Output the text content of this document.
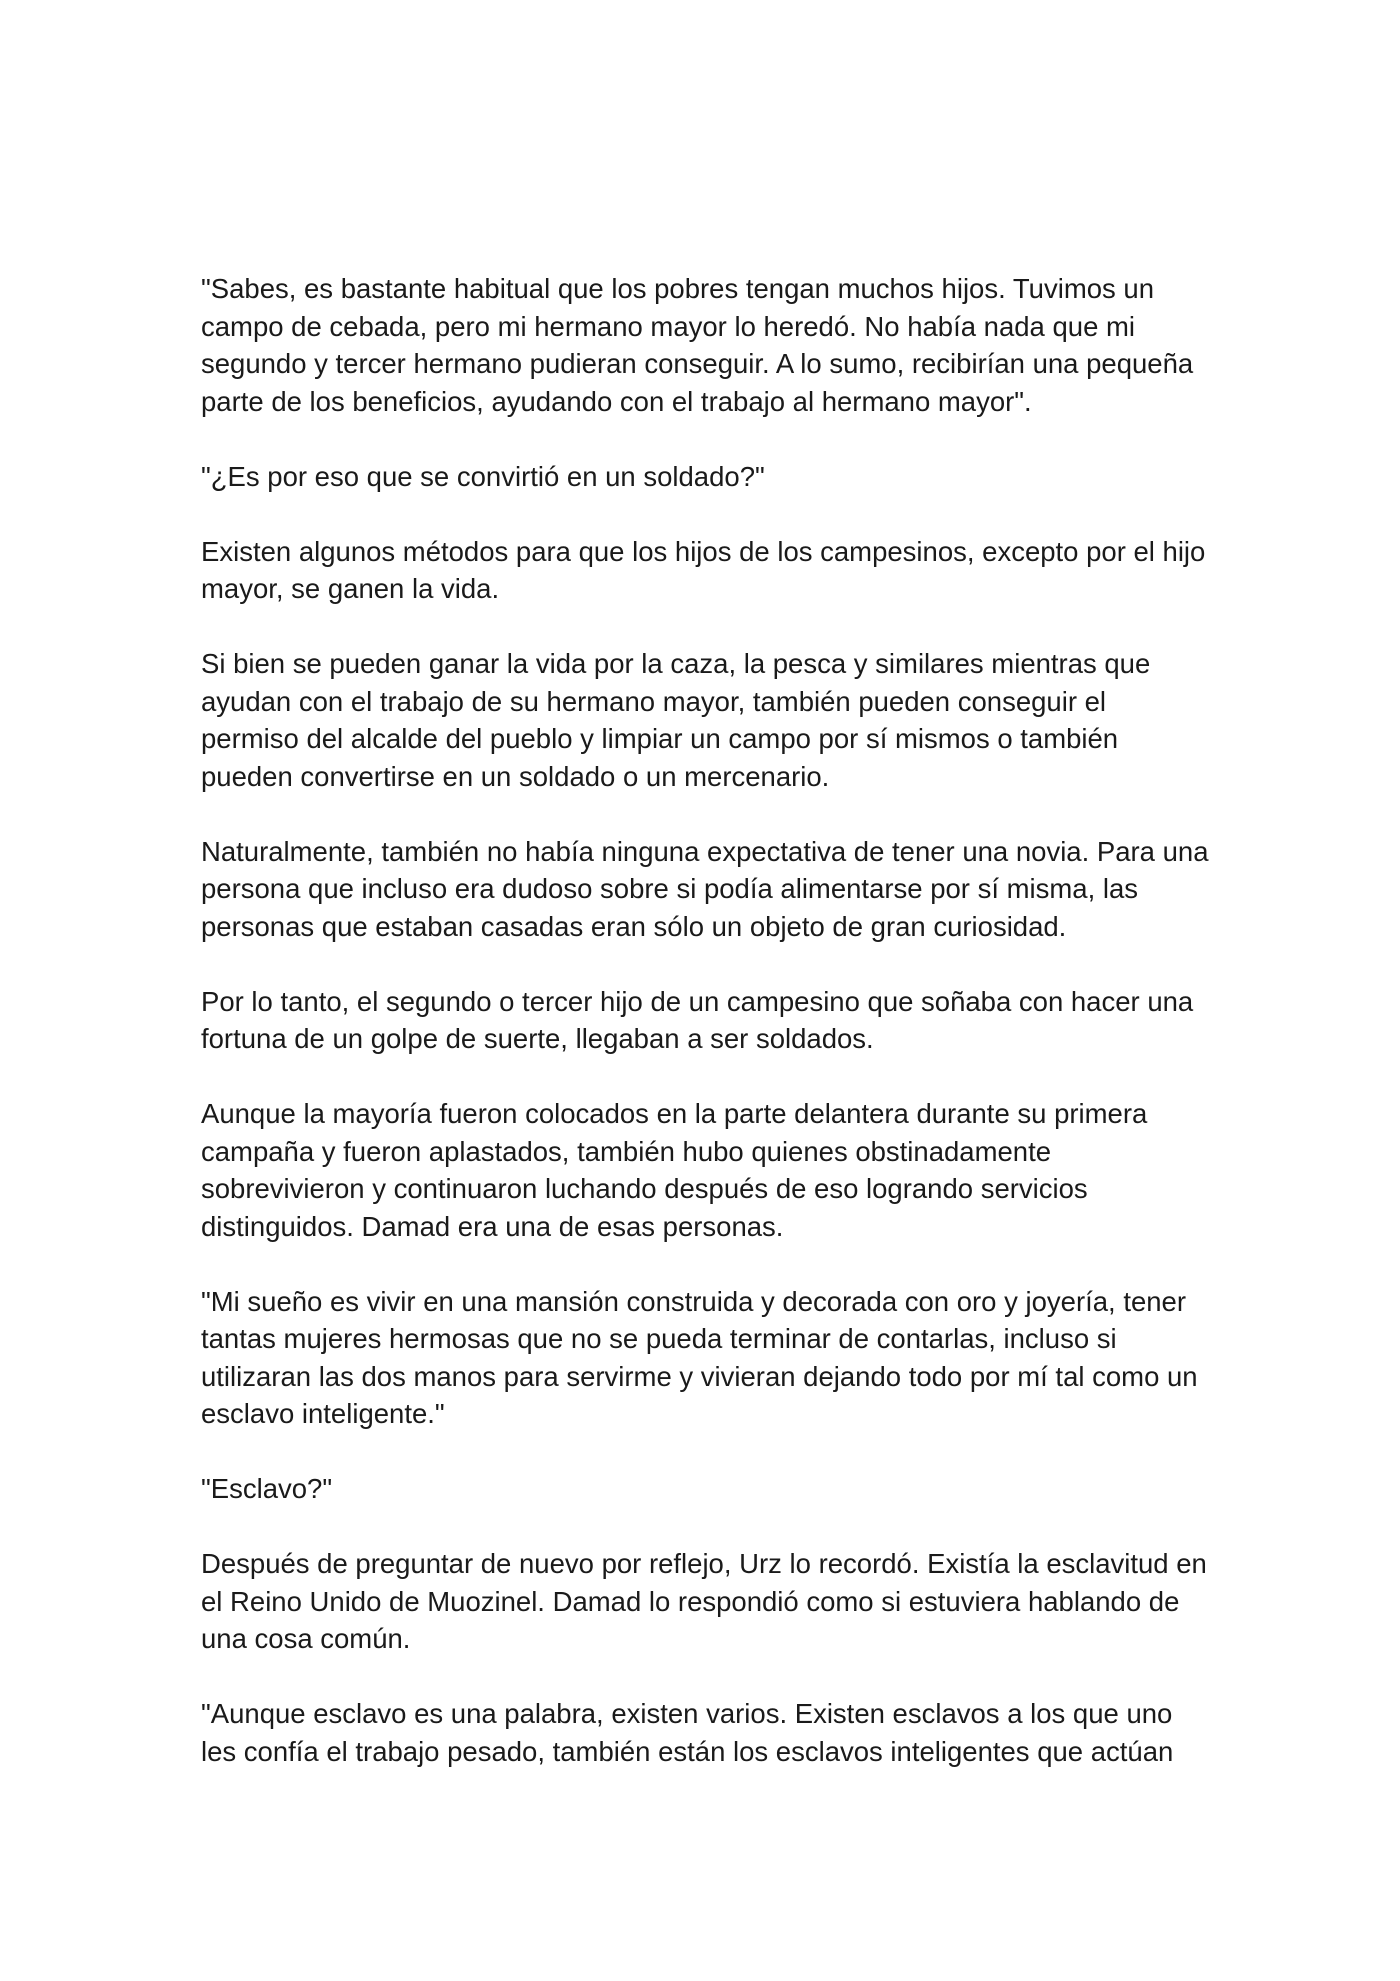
"Sabes, es bastante habitual que los pobres tengan muchos hijos. Tuvimos un campo de cebada, pero mi hermano mayor lo heredó. No había nada que mi segundo y tercer hermano pudieran conseguir. A lo sumo, recibirían una pequeña parte de los beneficios, ayudando con el trabajo al hermano mayor".

"¿Es por eso que se convirtió en un soldado?"

Existen algunos métodos para que los hijos de los campesinos, excepto por el hijo mayor, se ganen la vida.

Si bien se pueden ganar la vida por la caza, la pesca y similares mientras que ayudan con el trabajo de su hermano mayor, también pueden conseguir el permiso del alcalde del pueblo y limpiar un campo por sí mismos o también pueden convertirse en un soldado o un mercenario.

Naturalmente, también no había ninguna expectativa de tener una novia. Para una persona que incluso era dudoso sobre si podía alimentarse por sí misma, las personas que estaban casadas eran sólo un objeto de gran curiosidad.

Por lo tanto, el segundo o tercer hijo de un campesino que soñaba con hacer una fortuna de un golpe de suerte, llegaban a ser soldados.

Aunque la mayoría fueron colocados en la parte delantera durante su primera campaña y fueron aplastados, también hubo quienes obstinadamente sobrevivieron y continuaron luchando después de eso logrando servicios distinguidos. Damad era una de esas personas.

"Mi sueño es vivir en una mansión construida y decorada con oro y joyería, tener tantas mujeres hermosas que no se pueda terminar de contarlas, incluso si utilizaran las dos manos para servirme y vivieran dejando todo por mí tal como un esclavo inteligente."

"Esclavo?"

Después de preguntar de nuevo por reflejo, Urz lo recordó. Existía la esclavitud en el Reino Unido de Muozinel. Damad lo respondió como si estuviera hablando de una cosa común.

"Aunque esclavo es una palabra, existen varios. Existen esclavos a los que uno les confía el trabajo pesado, también están los esclavos inteligentes que actúan
